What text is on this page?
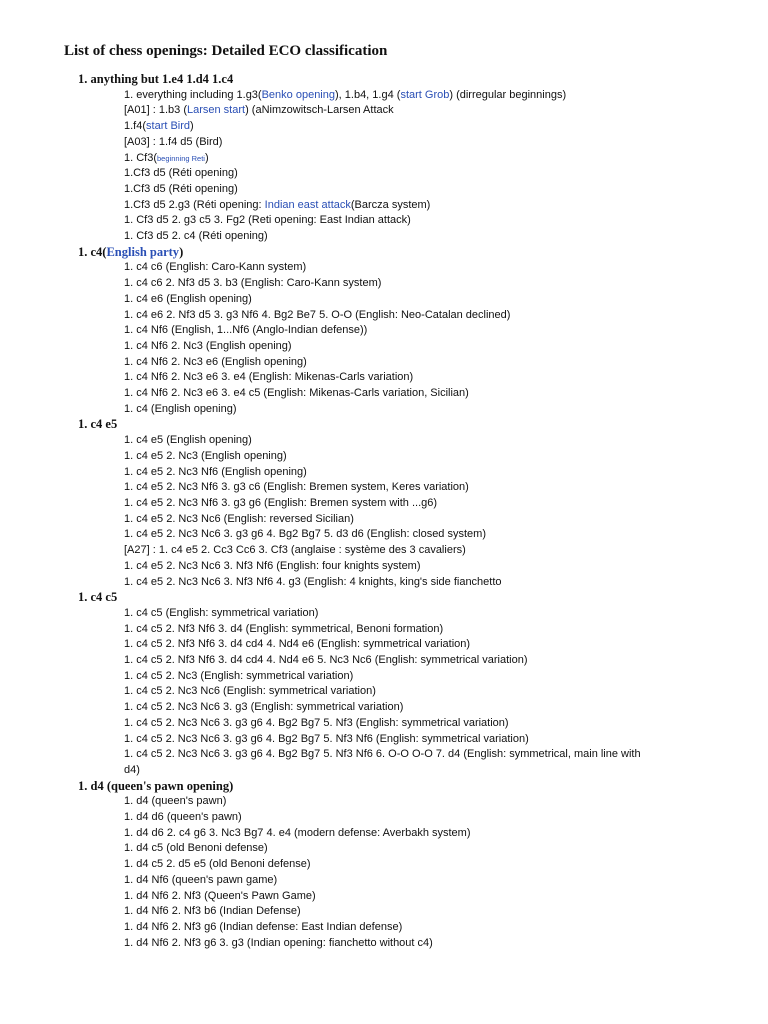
List of chess openings: Detailed ECO classification
1. anything but 1.e4 1.d4 1.c4
1. everything including 1.g3(Benko opening), 1.b4, 1.g4 (start Grob) (dirregular beginnings)
[A01] : 1.b3 (Larsen start) (aNimzowitsch-Larsen Attack
1.f4(start Bird)
[A03] : 1.f4 d5 (Bird)
1. Cf3(beginning Reti)
1.Cf3 d5 (Réti opening)
1.Cf3 d5 (Réti opening)
1.Cf3 d5 2.g3 (Réti opening: Indian east attack(Barcza system)
1. Cf3 d5 2. g3 c5 3. Fg2 (Reti opening: East Indian attack)
1. Cf3 d5 2. c4 (Réti opening)
1. c4(English party)
1. c4 c6 (English: Caro-Kann system)
1. c4 c6 2. Nf3 d5 3. b3 (English: Caro-Kann system)
1. c4 e6 (English opening)
1. c4 e6 2. Nf3 d5 3. g3 Nf6 4. Bg2 Be7 5. O-O (English: Neo-Catalan declined)
1. c4 Nf6 (English, 1...Nf6 (Anglo-Indian defense))
1. c4 Nf6 2. Nc3 (English opening)
1. c4 Nf6 2. Nc3 e6 (English opening)
1. c4 Nf6 2. Nc3 e6 3. e4 (English: Mikenas-Carls variation)
1. c4 Nf6 2. Nc3 e6 3. e4 c5 (English: Mikenas-Carls variation, Sicilian)
1. c4 (English opening)
1. c4 e5
1. c4 e5 (English opening)
1. c4 e5 2. Nc3 (English opening)
1. c4 e5 2. Nc3 Nf6 (English opening)
1. c4 e5 2. Nc3 Nf6 3. g3 c6 (English: Bremen system, Keres variation)
1. c4 e5 2. Nc3 Nf6 3. g3 g6 (English: Bremen system with ...g6)
1. c4 e5 2. Nc3 Nc6 (English: reversed Sicilian)
1. c4 e5 2. Nc3 Nc6 3. g3 g6 4. Bg2 Bg7 5. d3 d6 (English: closed system)
[A27] : 1. c4 e5 2. Cc3 Cc6 3. Cf3 (anglaise : système des 3 cavaliers)
1. c4 e5 2. Nc3 Nc6 3. Nf3 Nf6 (English: four knights system)
1. c4 e5 2. Nc3 Nc6 3. Nf3 Nf6 4. g3 (English: 4 knights, king's side fianchetto
1. c4 c5
1. c4 c5 (English: symmetrical variation)
1. c4 c5 2. Nf3 Nf6 3. d4 (English: symmetrical, Benoni formation)
1. c4 c5 2. Nf3 Nf6 3. d4 cd4 4. Nd4 e6 (English: symmetrical variation)
1. c4 c5 2. Nf3 Nf6 3. d4 cd4 4. Nd4 e6 5. Nc3 Nc6 (English: symmetrical variation)
1. c4 c5 2. Nc3 (English: symmetrical variation)
1. c4 c5 2. Nc3 Nc6 (English: symmetrical variation)
1. c4 c5 2. Nc3 Nc6 3. g3 (English: symmetrical variation)
1. c4 c5 2. Nc3 Nc6 3. g3 g6 4. Bg2 Bg7 5. Nf3 (English: symmetrical variation)
1. c4 c5 2. Nc3 Nc6 3. g3 g6 4. Bg2 Bg7 5. Nf3 Nf6 (English: symmetrical variation)
1. c4 c5 2. Nc3 Nc6 3. g3 g6 4. Bg2 Bg7 5. Nf3 Nf6 6. O-O O-O 7. d4 (English: symmetrical, main line with d4)
1. d4 (queen's pawn opening)
1. d4 (queen's pawn)
1. d4 d6 (queen's pawn)
1. d4 d6 2. c4 g6 3. Nc3 Bg7 4. e4 (modern defense: Averbakh system)
1. d4 c5 (old Benoni defense)
1. d4 c5 2. d5 e5 (old Benoni defense)
1. d4 Nf6 (queen's pawn game)
1. d4 Nf6 2. Nf3 (Queen's Pawn Game)
1. d4 Nf6 2. Nf3 b6 (Indian Defense)
1. d4 Nf6 2. Nf3 g6 (Indian defense: East Indian defense)
1. d4 Nf6 2. Nf3 g6 3. g3 (Indian opening: fianchetto without c4)
